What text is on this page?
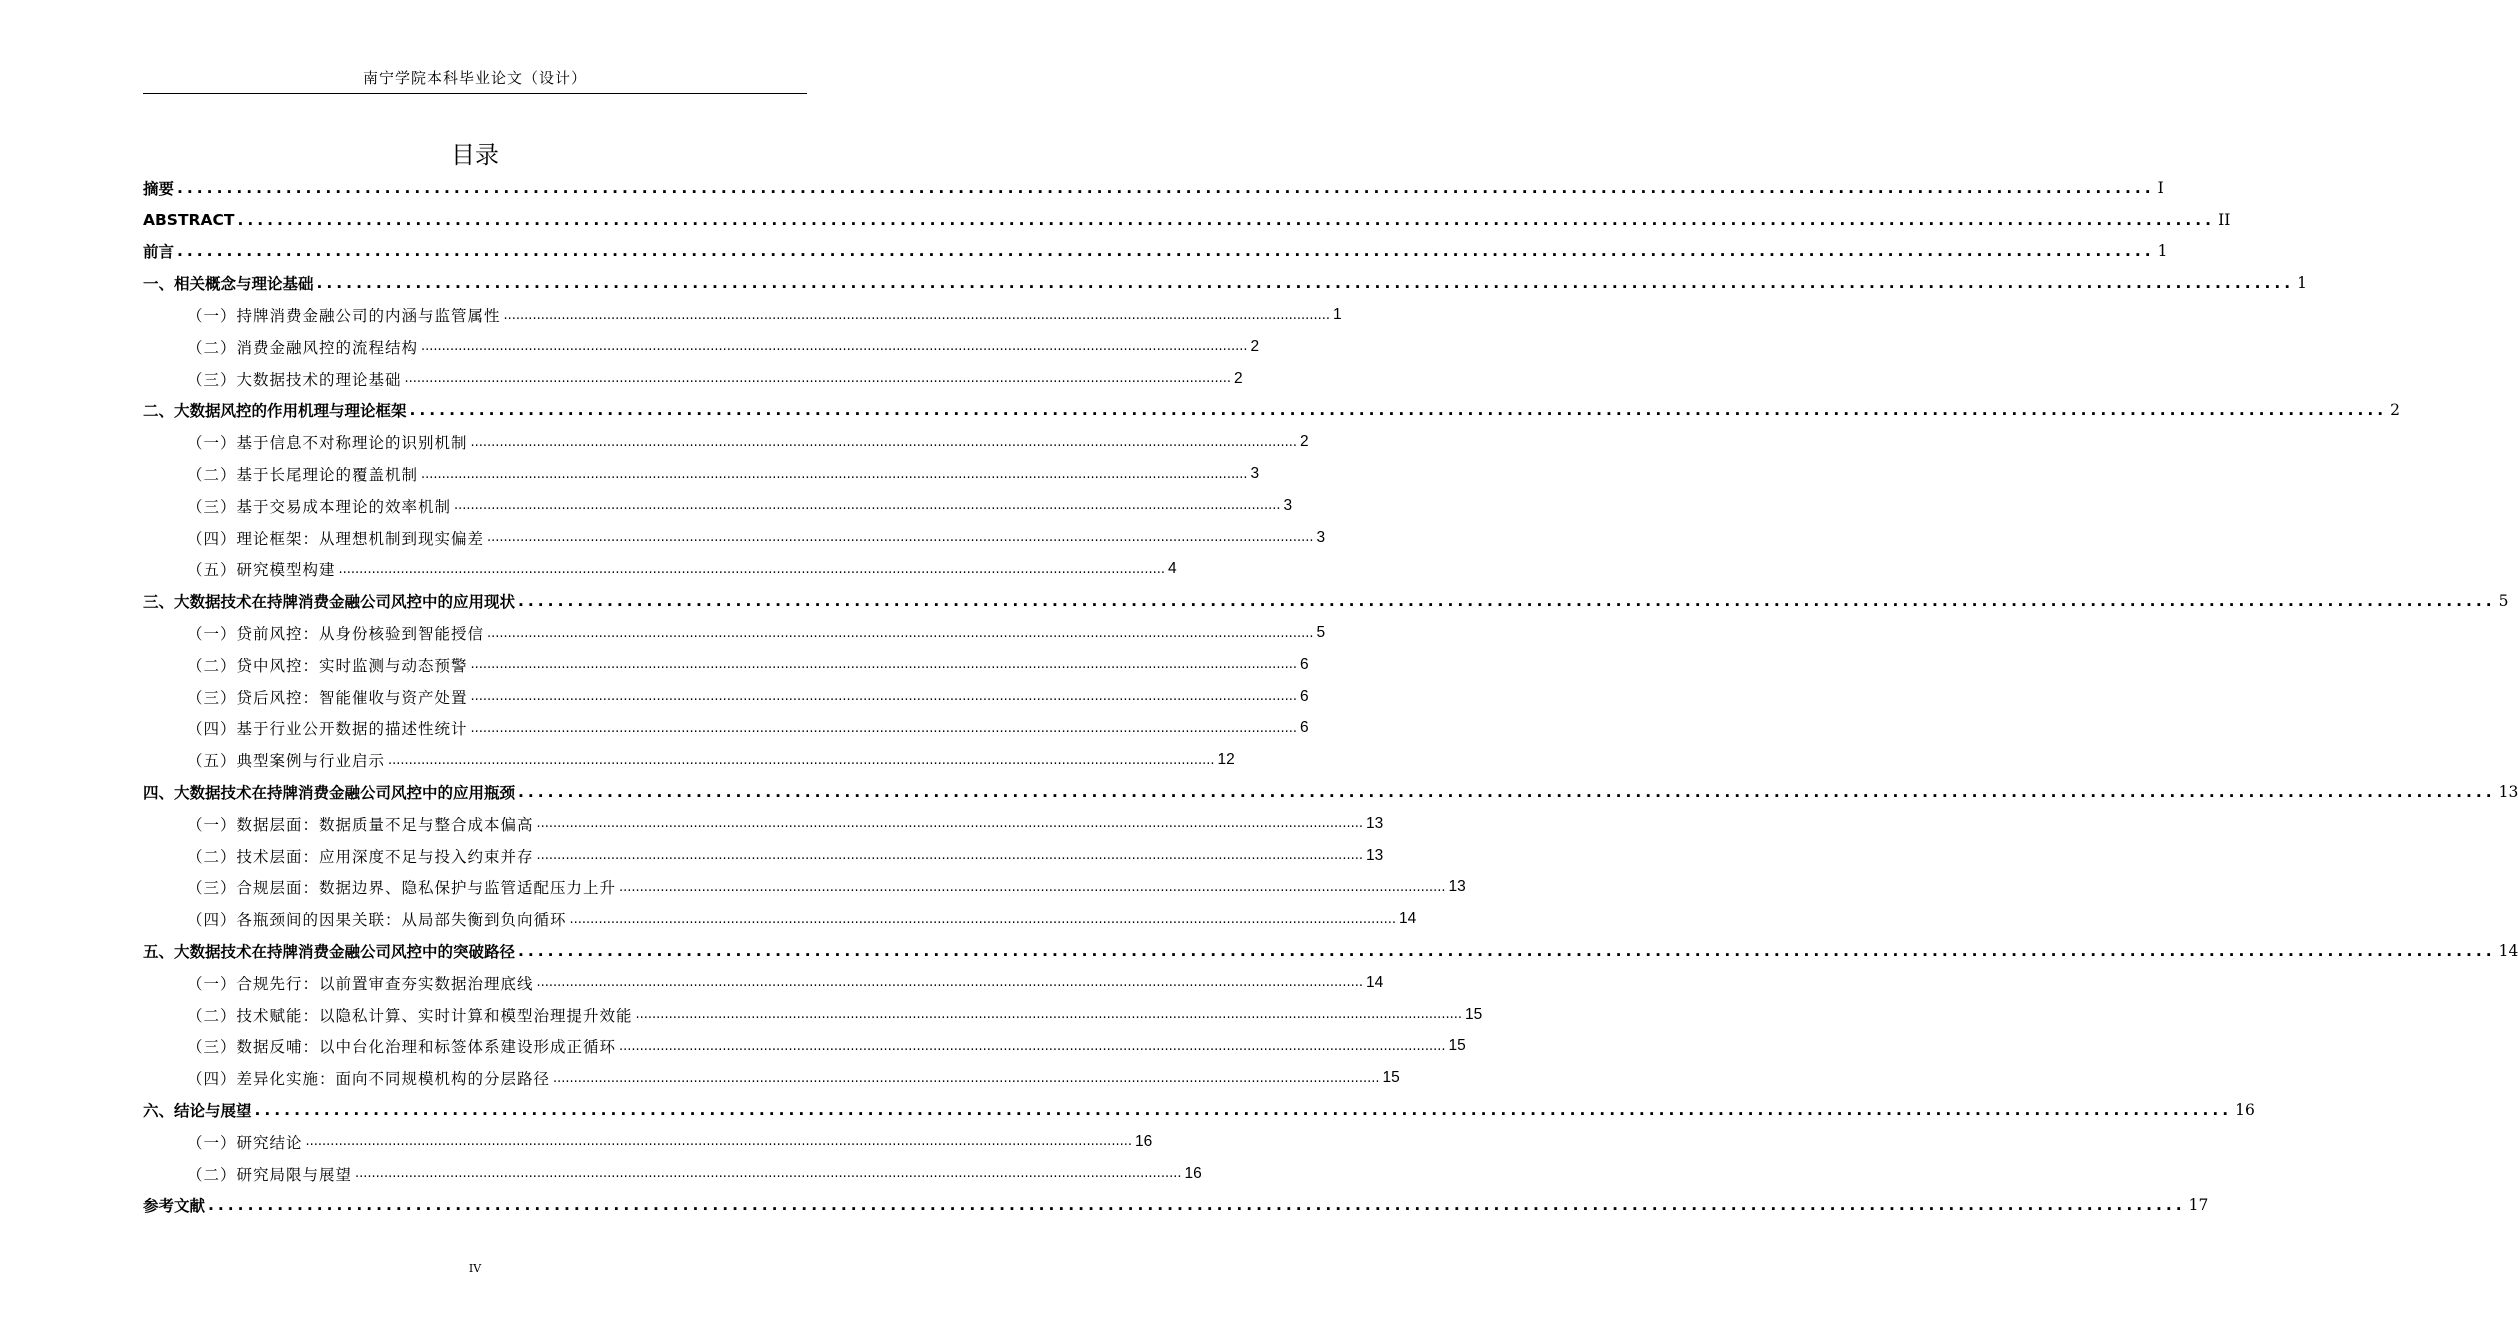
南宁学院本科毕业论文（设计）
目录
摘要 ........................................................................................................................................................................................................ I
ABSTRACT ........................................................................................................................................................................................................ II
前言 ........................................................................................................................................................................................................ 1
一、相关概念与理论基础 ........................................................................................................................................................................................................ 1
（一）持牌消费金融公司的内涵与监管属性 ........................................................................................................................................................................................................ 1
（二）消费金融风控的流程结构 ........................................................................................................................................................................................................ 2
（三）大数据技术的理论基础 ........................................................................................................................................................................................................ 2
二、大数据风控的作用机理与理论框架 ........................................................................................................................................................................................................ 2
（一）基于信息不对称理论的识别机制 ........................................................................................................................................................................................................ 2
（二）基于长尾理论的覆盖机制 ........................................................................................................................................................................................................ 3
（三）基于交易成本理论的效率机制 ........................................................................................................................................................................................................ 3
（四）理论框架：从理想机制到现实偏差 ........................................................................................................................................................................................................ 3
（五）研究模型构建 ........................................................................................................................................................................................................ 4
三、大数据技术在持牌消费金融公司风控中的应用现状 ........................................................................................................................................................................................................ 5
（一）贷前风控：从身份核验到智能授信 ........................................................................................................................................................................................................ 5
（二）贷中风控：实时监测与动态预警 ........................................................................................................................................................................................................ 6
（三）贷后风控：智能催收与资产处置 ........................................................................................................................................................................................................ 6
（四）基于行业公开数据的描述性统计 ........................................................................................................................................................................................................ 6
（五）典型案例与行业启示 ........................................................................................................................................................................................................ 12
四、大数据技术在持牌消费金融公司风控中的应用瓶颈 ........................................................................................................................................................................................................ 13
（一）数据层面：数据质量不足与整合成本偏高 ........................................................................................................................................................................................................ 13
（二）技术层面：应用深度不足与投入约束并存 ........................................................................................................................................................................................................ 13
（三）合规层面：数据边界、隐私保护与监管适配压力上升 ........................................................................................................................................................................................................ 13
（四）各瓶颈间的因果关联：从局部失衡到负向循环 ........................................................................................................................................................................................................ 14
五、大数据技术在持牌消费金融公司风控中的突破路径 ........................................................................................................................................................................................................ 14
（一）合规先行：以前置审查夯实数据治理底线 ........................................................................................................................................................................................................ 14
（二）技术赋能：以隐私计算、实时计算和模型治理提升效能 ........................................................................................................................................................................................................ 15
（三）数据反哺：以中台化治理和标签体系建设形成正循环 ........................................................................................................................................................................................................ 15
（四）差异化实施：面向不同规模机构的分层路径 ........................................................................................................................................................................................................ 15
六、结论与展望 ........................................................................................................................................................................................................ 16
（一）研究结论 ........................................................................................................................................................................................................ 16
（二）研究局限与展望 ........................................................................................................................................................................................................ 16
参考文献 ........................................................................................................................................................................................................ 17
IV
